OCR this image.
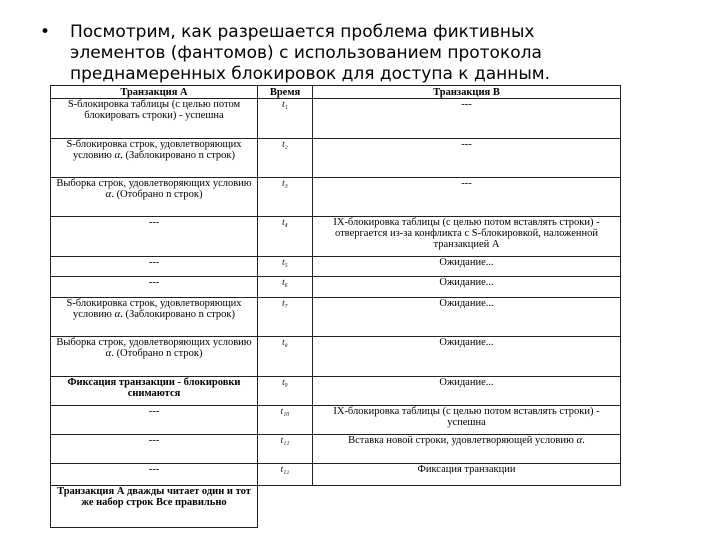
• Посмотрим, как разрешается проблема фиктивных элементов (фантомов) с использованием протокола преднамеренных блокировок для доступа к данным.
Транзакция А	Время	Транзакция В
S-блокировка таблицы (с целью потом блокировать строки) - успешна	t₁	---
S-блокировка строк, удовлетворяющих условию α. (Заблокировано n строк)	t₂	---
Выборка строк, удовлетворяющих условию α. (Отобрано n строк)	t₃	---
---	t₄	IX-блокировка таблицы (с целью потом вставлять строки) - отвергается из-за конфликта с S-блокировкой, наложенной транзакцией А
---	t₅	Ожидание...
---	t₆	Ожидание...
S-блокировка строк, удовлетворяющих условию α. (Заблокировано n строк)	t₇	Ожидание...
Выборка строк, удовлетворяющих условию α. (Отобрано n строк)	t₈	Ожидание...
Фиксация транзакции - блокировки снимаются	t₉	Ожидание...
---	t₁₀	IX-блокировка таблицы (с целью потом вставлять строки) - успешна
---	t₁₁	Вставка новой строки, удовлетворяющей условию α.
---	t₁₂	Фиксация транзакции
Транзакция А дважды читает один и тот же набор строк Все правильно		
